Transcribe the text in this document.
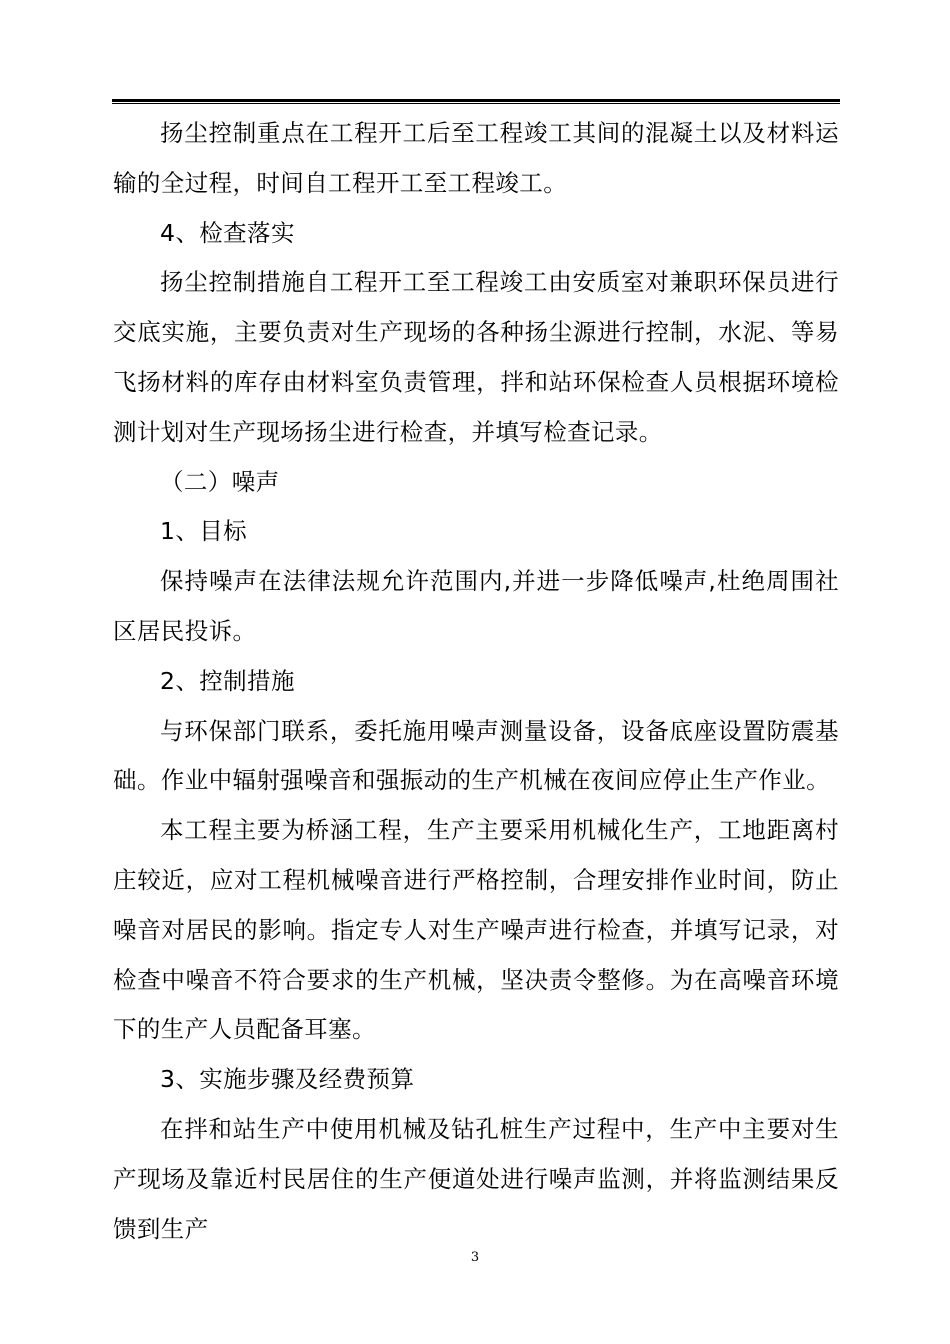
扬尘控制重点在工程开工后至工程竣工其间的混凝土以及材料运输的全过程，时间自工程开工至工程竣工。

4、检查落实

扬尘控制措施自工程开工至工程竣工由安质室对兼职环保员进行交底实施，主要负责对生产现场的各种扬尘源进行控制，水泥、等易飞扬材料的库存由材料室负责管理，拌和站环保检查人员根据环境检测计划对生产现场扬尘进行检查，并填写检查记录。

（二）噪声

1、目标

保持噪声在法律法规允许范围内,并进一步降低噪声,杜绝周围社区居民投诉。

2、控制措施

与环保部门联系，委托施用噪声测量设备，设备底座设置防震基础。作业中辐射强噪音和强振动的生产机械在夜间应停止生产作业。

本工程主要为桥涵工程，生产主要采用机械化生产，工地距离村庄较近，应对工程机械噪音进行严格控制，合理安排作业时间，防止噪音对居民的影响。指定专人对生产噪声进行检查，并填写记录，对检查中噪音不符合要求的生产机械，坚决责令整修。为在高噪音环境下的生产人员配备耳塞。

3、实施步骤及经费预算

在拌和站生产中使用机械及钻孔桩生产过程中，生产中主要对生产现场及靠近村民居住的生产便道处进行噪声监测，并将监测结果反馈到生产

3
